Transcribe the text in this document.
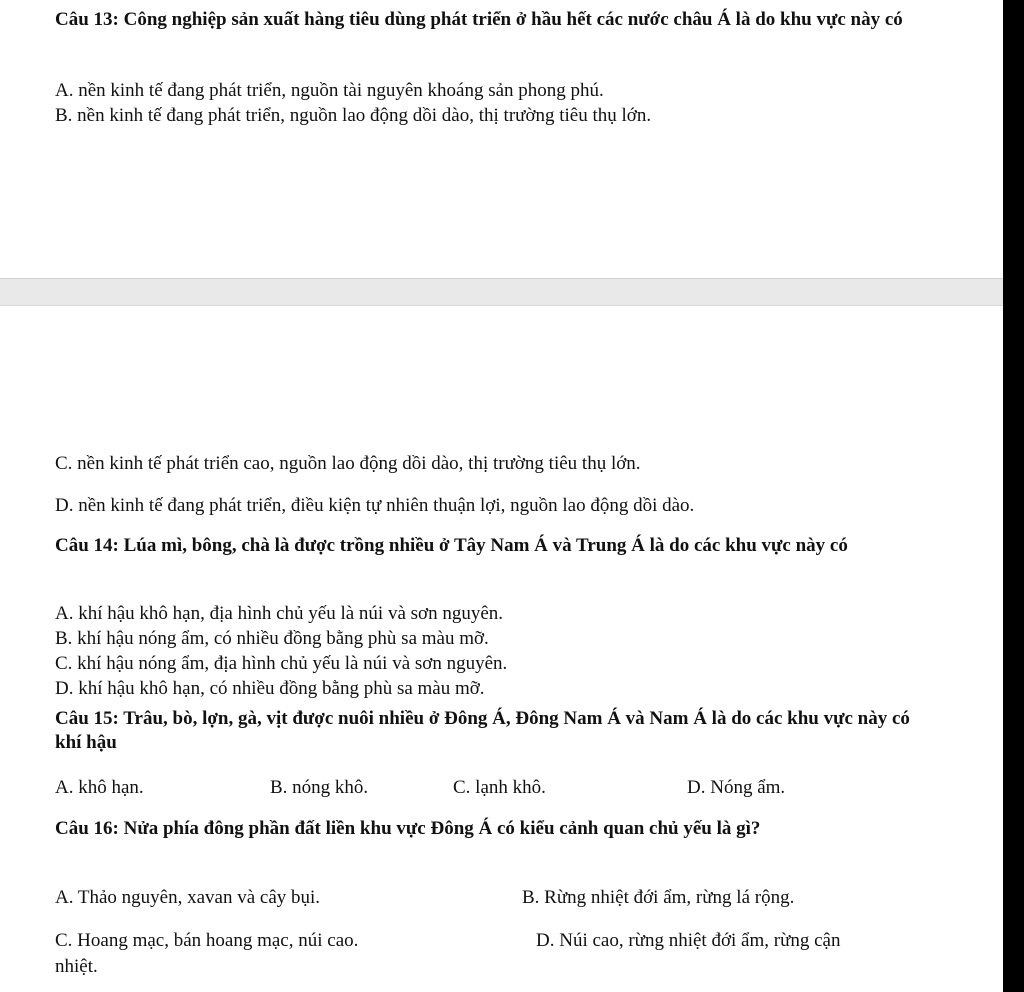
Câu 13: Công nghiệp sản xuất hàng tiêu dùng phát triển ở hầu hết các nước châu Á là do khu vực này có

A. nền kinh tế đang phát triển, nguồn tài nguyên khoáng sản phong phú.

B. nền kinh tế đang phát triển, nguồn lao động dồi dào, thị trường tiêu thụ lớn.

C. nền kinh tế phát triển cao, nguồn lao động dồi dào, thị trường tiêu thụ lớn.

D. nền kinh tế đang phát triển, điều kiện tự nhiên thuận lợi, nguồn lao động dồi dào.

Câu 14: Lúa mì, bông, chà là được trồng nhiều ở Tây Nam Á và Trung Á là do các khu vực này có

A. khí hậu khô hạn, địa hình chủ yếu là núi và sơn nguyên.

B. khí hậu nóng ẩm, có nhiều đồng bằng phù sa màu mỡ.

C. khí hậu nóng ẩm, địa hình chủ yếu là núi và sơn nguyên.

D. khí hậu khô hạn, có nhiều đồng bằng phù sa màu mỡ.

Câu 15: Trâu, bò, lợn, gà, vịt được nuôi nhiều ở Đông Á, Đông Nam Á và Nam Á là do các khu vực này có khí hậu

A. khô hạn.	B. nóng khô.	C. lạnh khô.	D. Nóng ẩm.

Câu 16: Nửa phía đông phần đất liền khu vực Đông Á có kiểu cảnh quan chủ yếu là gì?

A. Thảo nguyên, xavan và cây bụi.	B. Rừng nhiệt đới ẩm, rừng lá rộng.

C. Hoang mạc, bán hoang mạc, núi cao.	D. Núi cao, rừng nhiệt đới ẩm, rừng cận

nhiệt.
